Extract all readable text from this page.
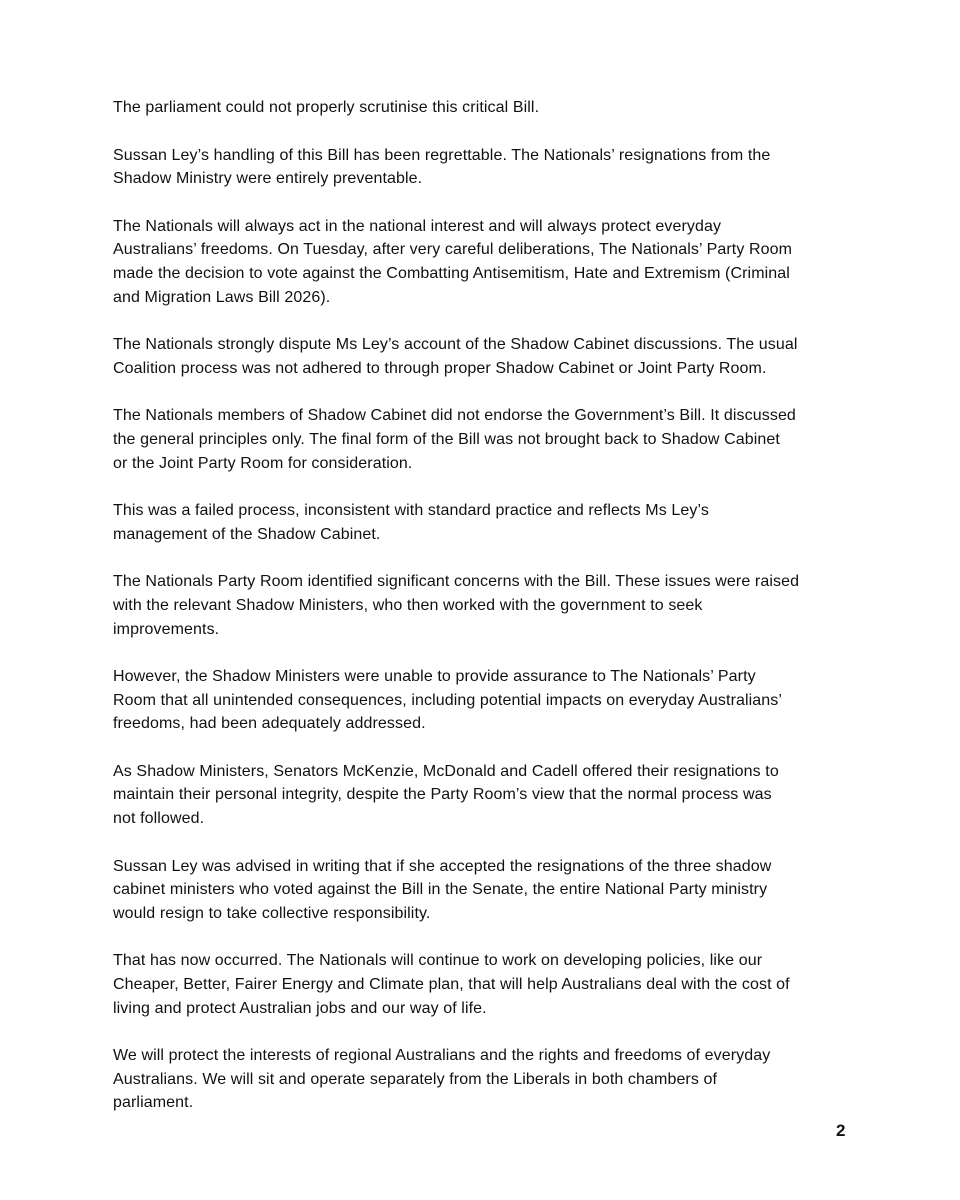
The parliament could not properly scrutinise this critical Bill.

Sussan Ley’s handling of this Bill has been regrettable. The Nationals’ resignations from the
Shadow Ministry were entirely preventable.

The Nationals will always act in the national interest and will always protect everyday
Australians’ freedoms. On Tuesday, after very careful deliberations, The Nationals’ Party Room
made the decision to vote against the Combatting Antisemitism, Hate and Extremism (Criminal
and Migration Laws Bill 2026).

The Nationals strongly dispute Ms Ley’s account of the Shadow Cabinet discussions. The usual
Coalition process was not adhered to through proper Shadow Cabinet or Joint Party Room.

The Nationals members of Shadow Cabinet did not endorse the Government’s Bill. It discussed
the general principles only. The final form of the Bill was not brought back to Shadow Cabinet
or the Joint Party Room for consideration.

This was a failed process, inconsistent with standard practice and reflects Ms Ley’s
management of the Shadow Cabinet.

The Nationals Party Room identified significant concerns with the Bill. These issues were raised
with the relevant Shadow Ministers, who then worked with the government to seek
improvements.

However, the Shadow Ministers were unable to provide assurance to The Nationals’ Party
Room that all unintended consequences, including potential impacts on everyday Australians’
freedoms, had been adequately addressed.

As Shadow Ministers, Senators McKenzie, McDonald and Cadell offered their resignations to
maintain their personal integrity, despite the Party Room’s view that the normal process was
not followed.

Sussan Ley was advised in writing that if she accepted the resignations of the three shadow
cabinet ministers who voted against the Bill in the Senate, the entire National Party ministry
would resign to take collective responsibility.

That has now occurred. The Nationals will continue to work on developing policies, like our
Cheaper, Better, Fairer Energy and Climate plan, that will help Australians deal with the cost of
living and protect Australian jobs and our way of life.

We will protect the interests of regional Australians and the rights and freedoms of everyday
Australians. We will sit and operate separately from the Liberals in both chambers of
parliament.

2
